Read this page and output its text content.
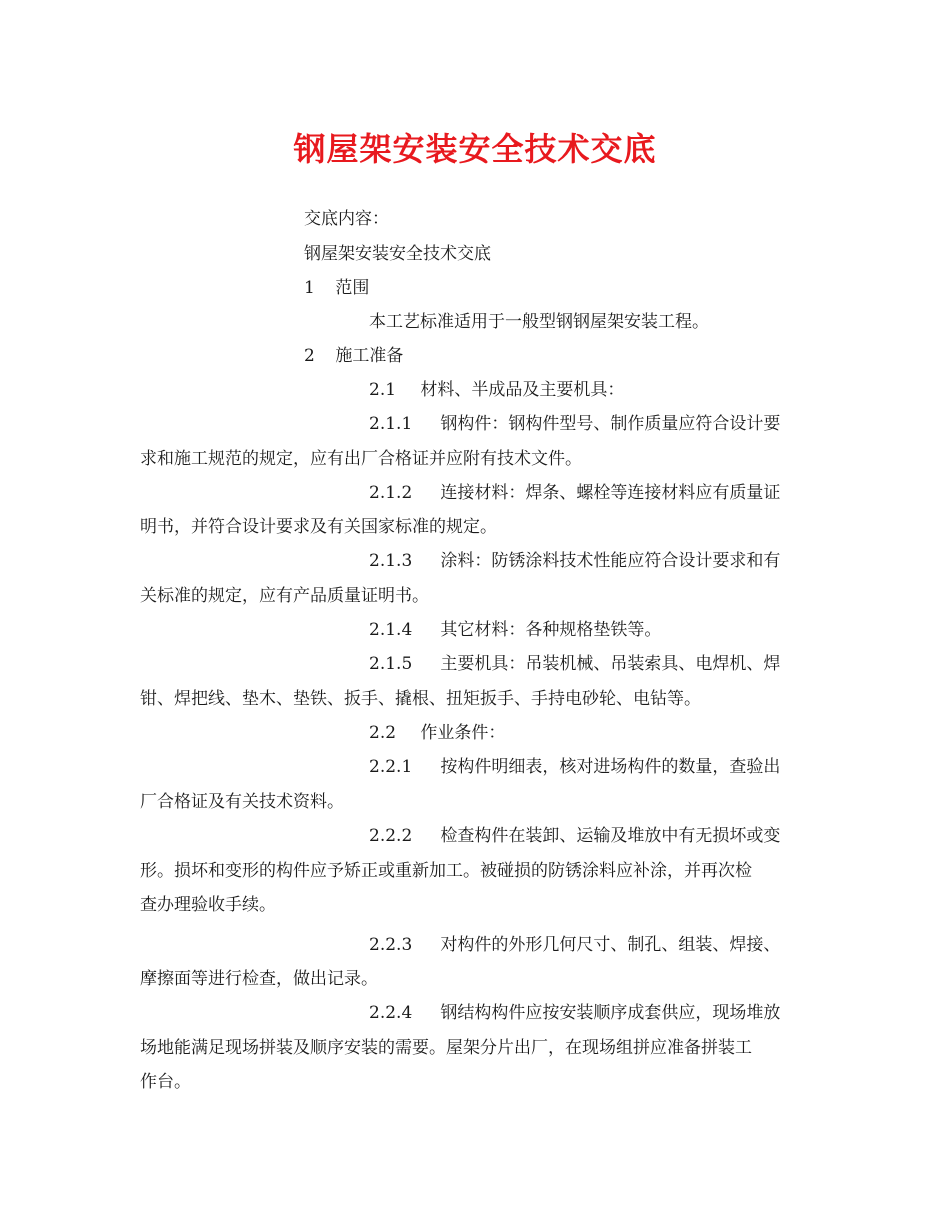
钢屋架安装安全技术交底

交底内容：

钢屋架安装安全技术交底

1 范围

本工艺标准适用于一般型钢钢屋架安装工程。

2 施工准备

2.1 材料、半成品及主要机具：

2.1.1 钢构件：钢构件型号、制作质量应符合设计要

求和施工规范的规定，应有出厂合格证并应附有技术文件。

2.1.2 连接材料：焊条、螺栓等连接材料应有质量证

明书，并符合设计要求及有关国家标准的规定。

2.1.3 涂料：防锈涂料技术性能应符合设计要求和有

关标准的规定，应有产品质量证明书。

2.1.4 其它材料：各种规格垫铁等。

2.1.5 主要机具：吊装机械、吊装索具、电焊机、焊

钳、焊把线、垫木、垫铁、扳手、撬根、扭矩扳手、手持电砂轮、电钻等。

2.2 作业条件：

2.2.1 按构件明细表，核对进场构件的数量，查验出

厂合格证及有关技术资料。

2.2.2 检查构件在装卸、运输及堆放中有无损坏或变

形。损坏和变形的构件应予矫正或重新加工。被碰损的防锈涂料应补涂，并再次检

查办理验收手续。

2.2.3 对构件的外形几何尺寸、制孔、组装、焊接、

摩擦面等进行检查，做出记录。

2.2.4 钢结构构件应按安装顺序成套供应，现场堆放

场地能满足现场拼装及顺序安装的需要。屋架分片出厂，在现场组拼应准备拼装工

作台。
